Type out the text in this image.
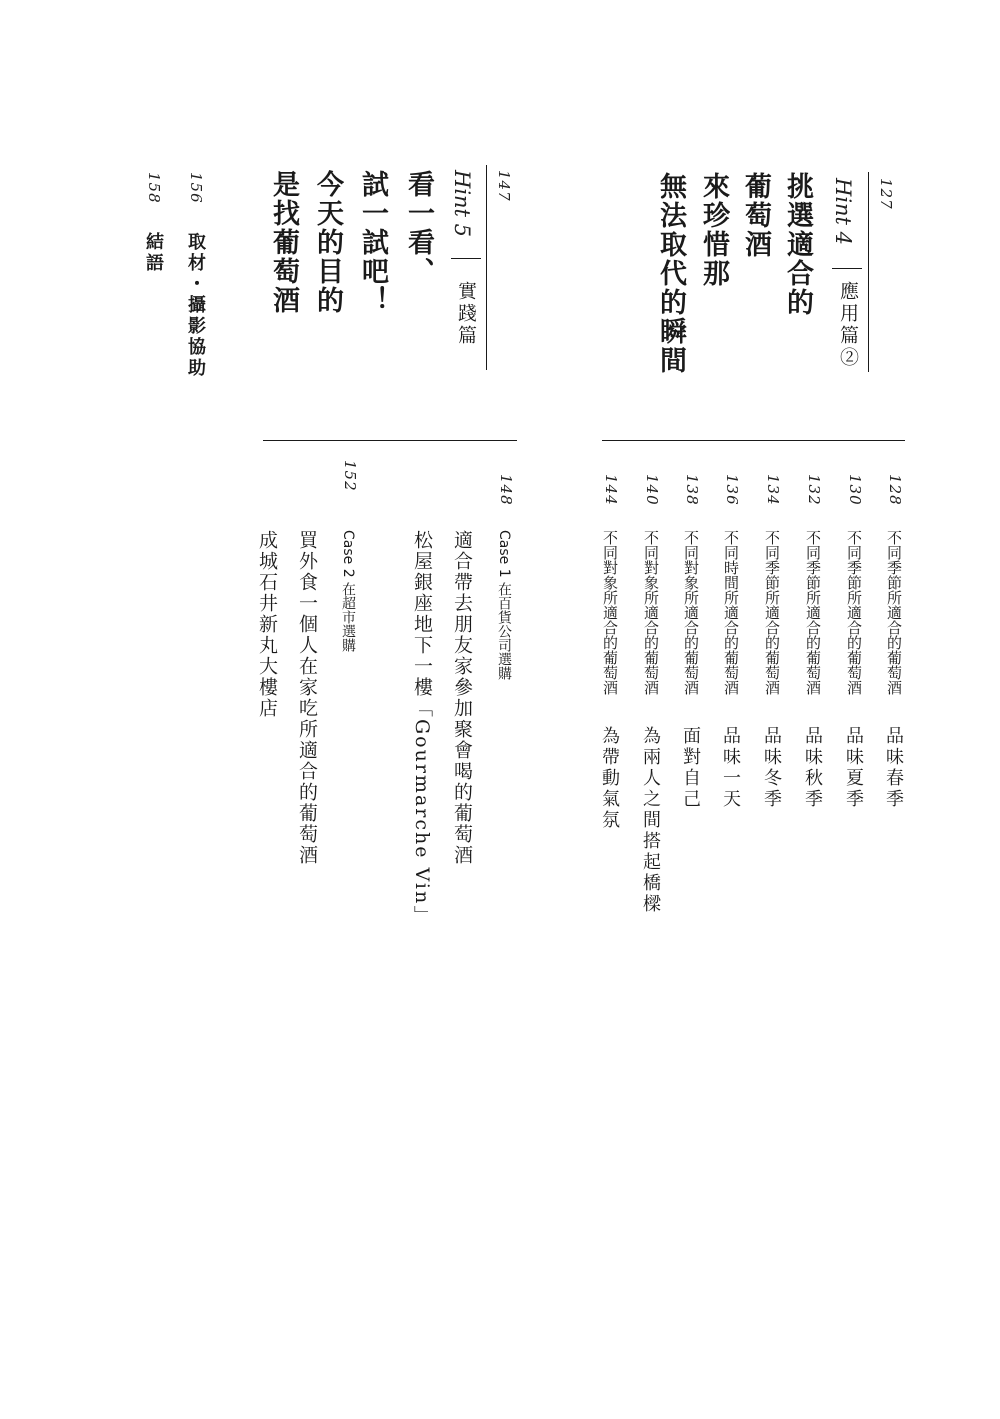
127
Hint 4
應用篇②
挑選適合的
葡萄酒
來珍惜那
無法取代的瞬間
128
不同季節所適合的葡萄酒
品味春季
130
不同季節所適合的葡萄酒
品味夏季
132
不同季節所適合的葡萄酒
品味秋季
134
不同季節所適合的葡萄酒
品味冬季
136
不同時間所適合的葡萄酒
品味一天
138
不同對象所適合的葡萄酒
面對自己
140
不同對象所適合的葡萄酒
為兩人之間搭起橋樑
144
不同對象所適合的葡萄酒
為帶動氣氛
147
Hint 5
實踐篇
看一看、
試一試吧！
今天的目的
是找葡萄酒
148
Case 1 在百貨公司選購
適合帶去朋友家參加聚會喝的葡萄酒
松屋銀座地下一樓「Gourmarche Vin」
152
Case 2 在超市選購
買外食一個人在家吃所適合的葡萄酒
成城石井新丸大樓店
156
取材・攝影協助
158
結語
